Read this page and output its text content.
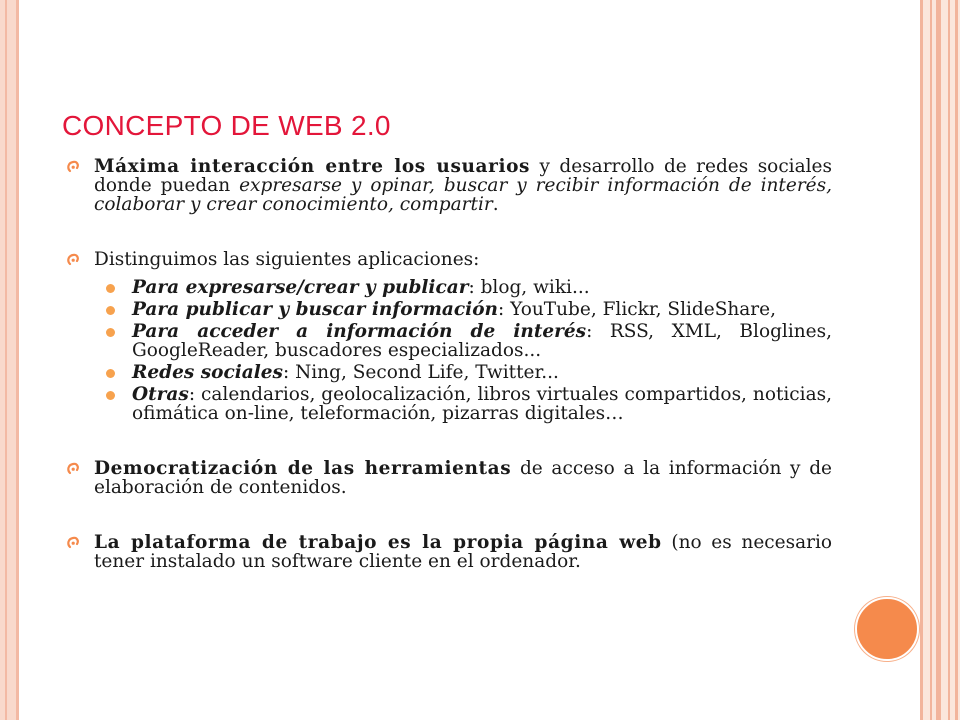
CONCEPTO DE WEB 2.0
Máxima interacción entre los usuarios y desarrollo de redes sociales donde puedan expresarse y opinar, buscar y recibir información de interés, colaborar y crear conocimiento, compartir.
Distinguimos las siguientes aplicaciones:
Para expresarse/crear y publicar: blog, wiki...
Para publicar y buscar información: YouTube, Flickr, SlideShare,
Para acceder a información de interés: RSS, XML, Bloglines, GoogleReader, buscadores especializados...
Redes sociales: Ning, Second Life, Twitter...
Otras: calendarios, geolocalización, libros virtuales compartidos, noticias, ofimática on-line, teleformación, pizarras digitales…
Democratización de las herramientas de acceso a la información y de elaboración de contenidos.
La plataforma de trabajo es la propia página web (no es necesario tener instalado un software cliente en el ordenador.
